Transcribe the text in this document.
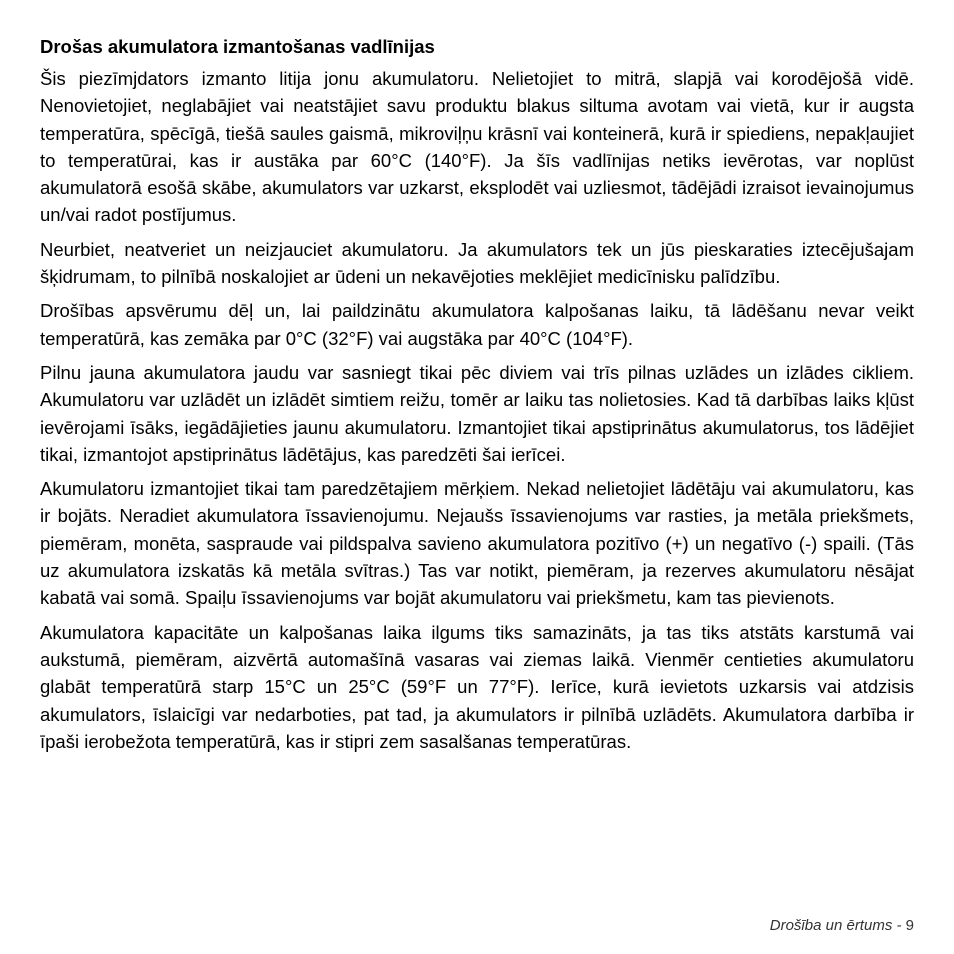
Drošas akumulatora izmantošanas vadlīnijas

Šis piezīmjdators izmanto litija jonu akumulatoru. Nelietojiet to mitrā, slapjā vai korodējošā vidē. Nenovietojiet, neglabājiet vai neatstājiet savu produktu blakus siltuma avotam vai vietā, kur ir augsta temperatūra, spēcīgā, tiešā saules gaismā, mikroviļņu krāsnī vai konteinerā, kurā ir spiediens, nepakļaujiet to temperatūrai, kas ir austāka par 60°C (140°F). Ja šīs vadlīnijas netiks ievērotas, var noplūst akumulatorā esošā skābe, akumulators var uzkarst, eksplodēt vai uzliesmot, tādējādi izraisot ievainojumus un/vai radot postījumus.

Neurbiet, neatveriet un neizjauciet akumulatoru. Ja akumulators tek un jūs pieskaraties iztecējušajam šķidrumam, to pilnībā noskalojiet ar ūdeni un nekavējoties meklējiet medicīnisku palīdzību.

Drošības apsvērumu dēļ un, lai paildzinātu akumulatora kalpošanas laiku, tā lādēšanu nevar veikt temperatūrā, kas zemāka par 0°C (32°F) vai augstāka par 40°C (104°F).

Pilnu jauna akumulatora jaudu var sasniegt tikai pēc diviem vai trīs pilnas uzlādes un izlādes cikliem. Akumulatoru var uzlādēt un izlādēt simtiem reižu, tomēr ar laiku tas nolietosies. Kad tā darbības laiks kļūst ievērojami īsāks, iegādājieties jaunu akumulatoru. Izmantojiet tikai apstiprinātus akumulatorus, tos lādējiet tikai, izmantojot apstiprinātus lādētājus, kas paredzēti šai ierīcei.

Akumulatoru izmantojiet tikai tam paredzētajiem mērķiem. Nekad nelietojiet lādētāju vai akumulatoru, kas ir bojāts. Neradiet akumulatora īssavienojumu. Nejaušs īssavienojums var rasties, ja metāla priekšmets, piemēram, monēta, saspraude vai pildspalva savieno akumulatora pozitīvo (+) un negatīvo (-) spaili. (Tās uz akumulatora izskatās kā metāla svītras.) Tas var notikt, piemēram, ja rezerves akumulatoru nēsājat kabatā vai somā. Spaiļu īssavienojums var bojāt akumulatoru vai priekšmetu, kam tas pievienots.

Akumulatora kapacitāte un kalpošanas laika ilgums tiks samazināts, ja tas tiks atstāts karstumā vai aukstumā, piemēram, aizvērtā automašīnā vasaras vai ziemas laikā. Vienmēr centieties akumulatoru glabāt temperatūrā starp 15°C un 25°C (59°F un 77°F). Ierīce, kurā ievietots uzkarsis vai atdzisis akumulators, īslaicīgi var nedarboties, pat tad, ja akumulators ir pilnībā uzlādēts. Akumulatora darbība ir īpaši ierobežota temperatūrā, kas ir stipri zem sasalšanas temperatūras.

Drošība un ērtums - 9
